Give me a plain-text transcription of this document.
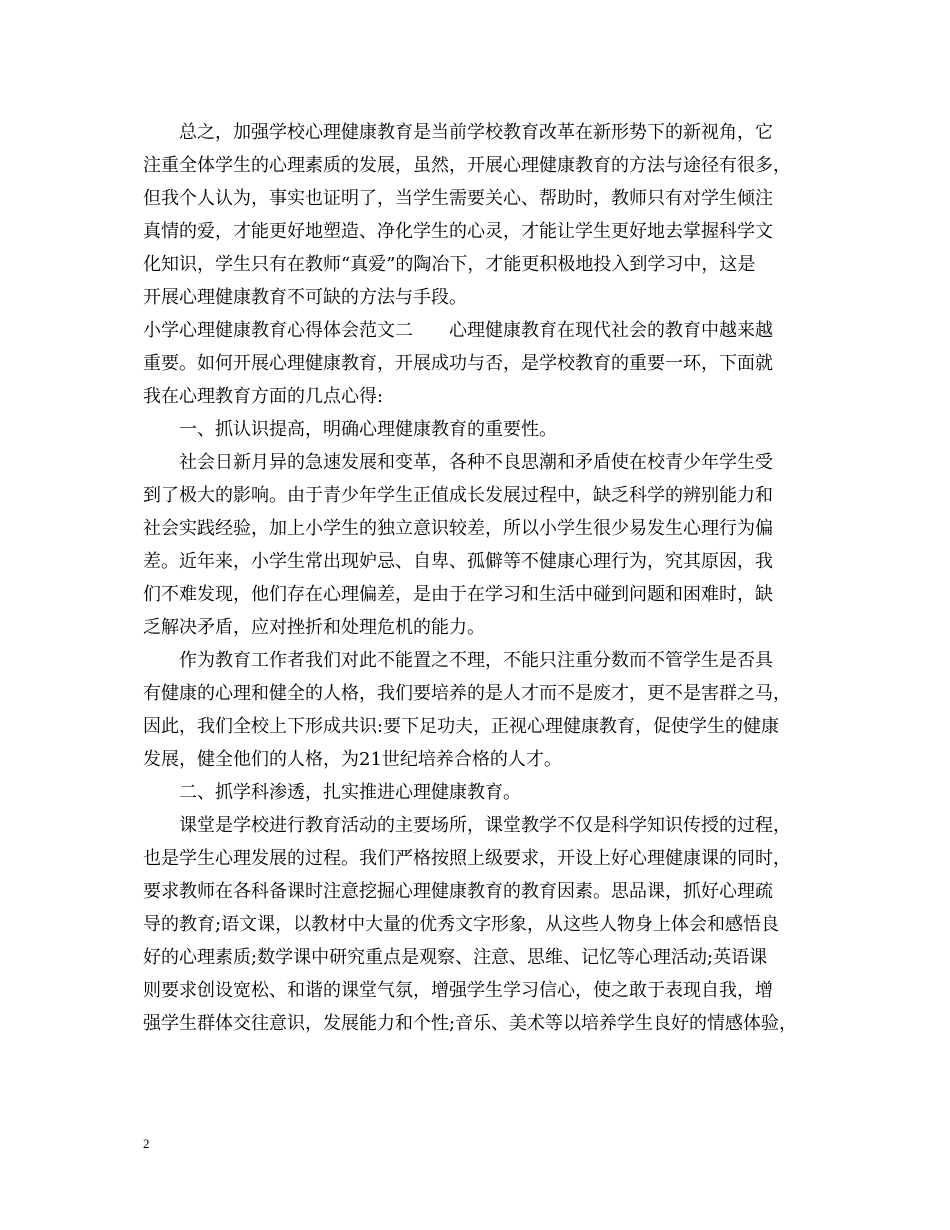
总之，加强学校心理健康教育是当前学校教育改革在新形势下的新视角，它
注重全体学生的心理素质的发展，虽然，开展心理健康教育的方法与途径有很多，
但我个人认为，事实也证明了，当学生需要关心、帮助时，教师只有对学生倾注
真情的爱，才能更好地塑造、净化学生的心灵，才能让学生更好地去掌握科学文
化知识，学生只有在教师“真爱”的陶冶下，才能更积极地投入到学习中，这是
开展心理健康教育不可缺的方法与手段。
小学心理健康教育心得体会范文二 心理健康教育在现代社会的教育中越来越
重要。如何开展心理健康教育，开展成功与否，是学校教育的重要一环，下面就
我在心理教育方面的几点心得:
一、抓认识提高，明确心理健康教育的重要性。
社会日新月异的急速发展和变革，各种不良思潮和矛盾使在校青少年学生受
到了极大的影响。由于青少年学生正值成长发展过程中，缺乏科学的辨别能力和
社会实践经验，加上小学生的独立意识较差，所以小学生很少易发生心理行为偏
差。近年来，小学生常出现妒忌、自卑、孤僻等不健康心理行为，究其原因，我
们不难发现，他们存在心理偏差，是由于在学习和生活中碰到问题和困难时，缺
乏解决矛盾，应对挫折和处理危机的能力。
作为教育工作者我们对此不能置之不理，不能只注重分数而不管学生是否具
有健康的心理和健全的人格，我们要培养的是人才而不是废才，更不是害群之马，
因此，我们全校上下形成共识:要下足功夫，正视心理健康教育，促使学生的健康
发展，健全他们的人格，为21世纪培养合格的人才。
二、抓学科渗透，扎实推进心理健康教育。
课堂是学校进行教育活动的主要场所，课堂教学不仅是科学知识传授的过程，
也是学生心理发展的过程。我们严格按照上级要求，开设上好心理健康课的同时，
要求教师在各科备课时注意挖掘心理健康教育的教育因素。思品课，抓好心理疏
导的教育;语文课，以教材中大量的优秀文字形象，从这些人物身上体会和感悟良
好的心理素质;数学课中研究重点是观察、注意、思维、记忆等心理活动;英语课
则要求创设宽松、和谐的课堂气氛，增强学生学习信心，使之敢于表现自我，增
强学生群体交往意识，发展能力和个性;音乐、美术等以培养学生良好的情感体验，
2
